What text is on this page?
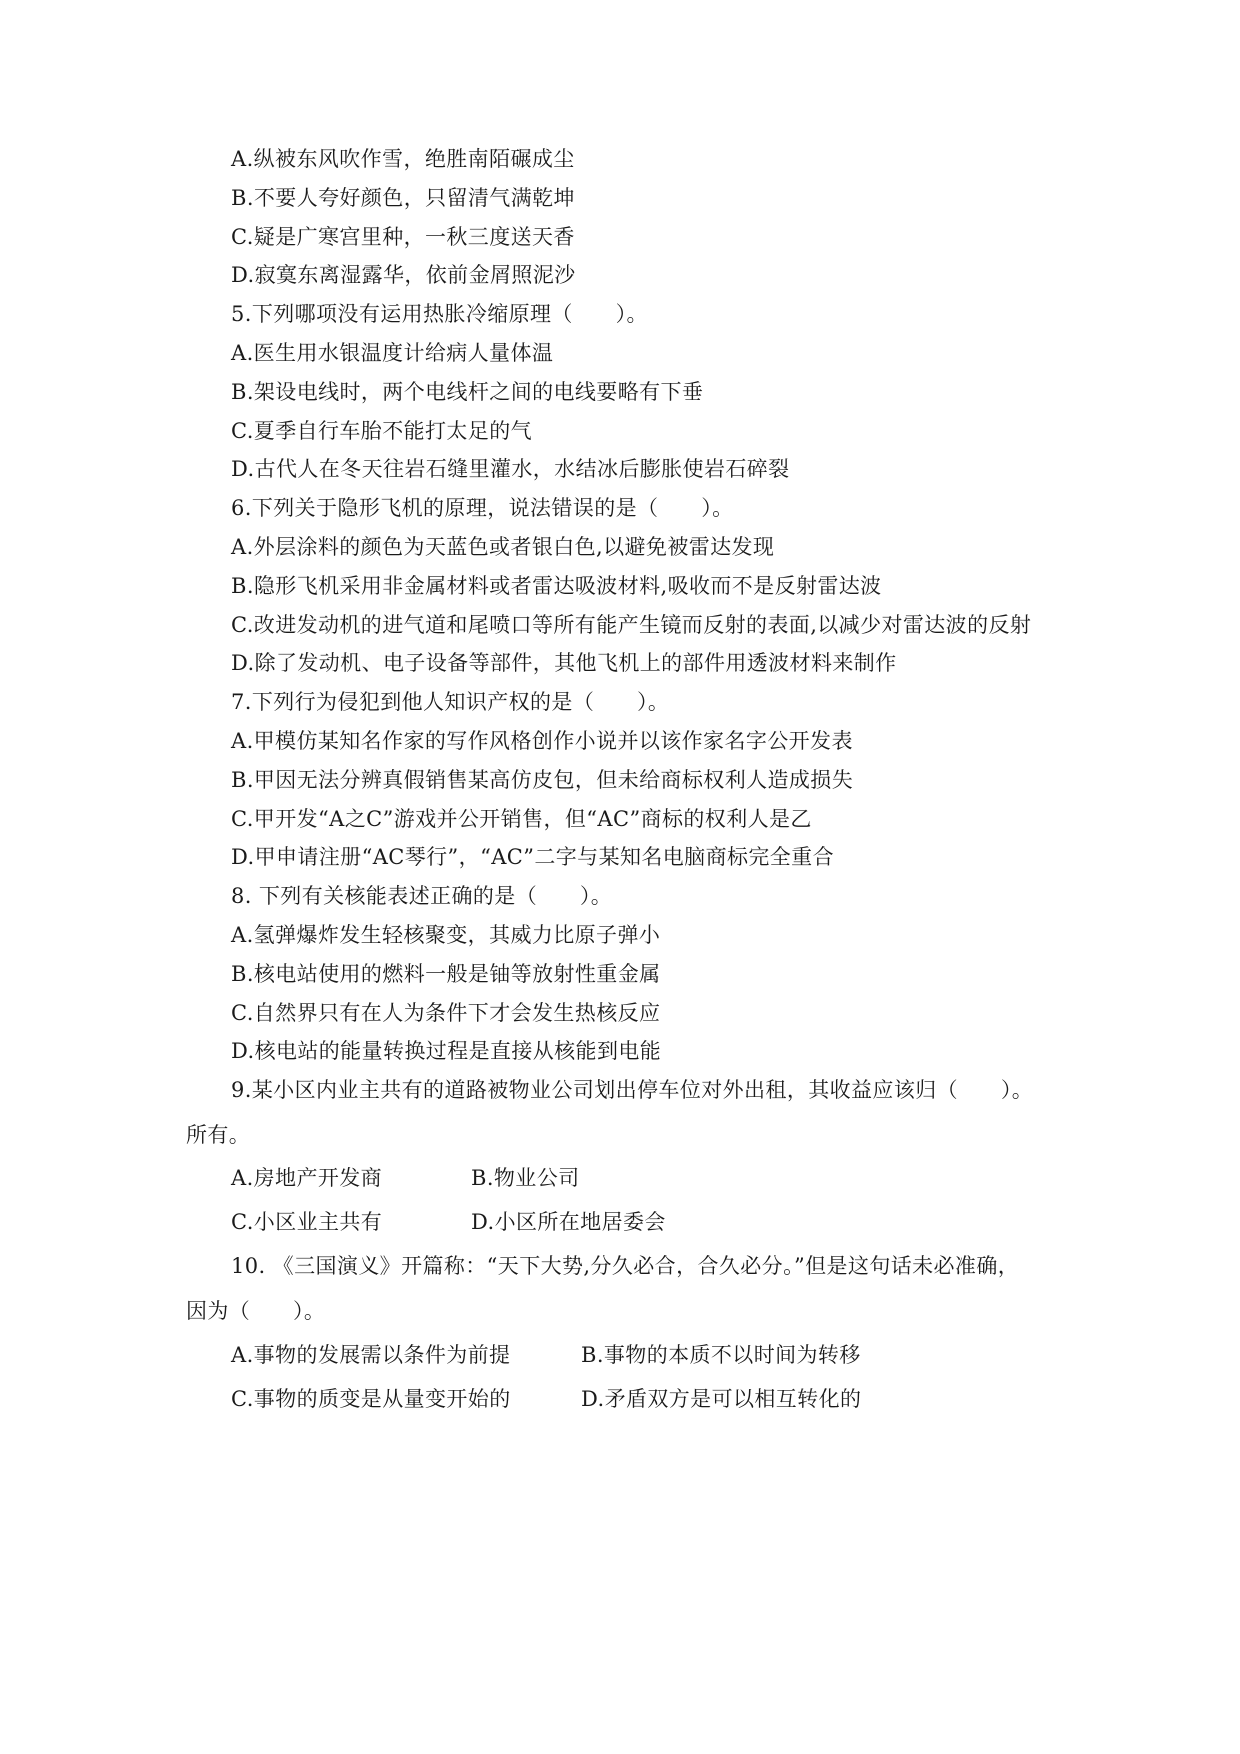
A.纵被东风吹作雪，绝胜南陌碾成尘
B.不要人夸好颜色，只留清气满乾坤
C.疑是广寒宫里种，一秋三度送天香
D.寂寞东离湿露华，依前金屑照泥沙
5.下列哪项没有运用热胀冷缩原理（　　）。
A.医生用水银温度计给病人量体温
B.架设电线时，两个电线杆之间的电线要略有下垂
C.夏季自行车胎不能打太足的气
D.古代人在冬天往岩石缝里灌水，水结冰后膨胀使岩石碎裂
6.下列关于隐形飞机的原理，说法错误的是（　　）。
A.外层涂料的颜色为天蓝色或者银白色,以避免被雷达发现
B.隐形飞机采用非金属材料或者雷达吸波材料,吸收而不是反射雷达波
C.改进发动机的进气道和尾喷口等所有能产生镜而反射的表面,以减少对雷达波的反射
D.除了发动机、电子设备等部件，其他飞机上的部件用透波材料来制作
7.下列行为侵犯到他人知识产权的是（　　）。
A.甲模仿某知名作家的写作风格创作小说并以该作家名字公开发表
B.甲因无法分辨真假销售某高仿皮包，但未给商标权利人造成损失
C.甲开发“A之C”游戏并公开销售，但“AC”商标的权利人是乙
D.甲申请注册“AC琴行”，“AC”二字与某知名电脑商标完全重合
8. 下列有关核能表述正确的是（　　）。
A.氢弹爆炸发生轻核聚变，其威力比原子弹小
B.核电站使用的燃料一般是铀等放射性重金属
C.自然界只有在人为条件下才会发生热核反应
D.核电站的能量转换过程是直接从核能到电能
9.某小区内业主共有的道路被物业公司划出停车位对外出租，其收益应该归（　　）。
所有。
A.房地产开发商	B.物业公司
C.小区业主共有	D.小区所在地居委会
10. 《三国演义》开篇称：“天下大势,分久必合，合久必分。”但是这句话未必准确，
因为（　　）。
A.事物的发展需以条件为前提	B.事物的本质不以时间为转移
C.事物的质变是从量变开始的	D.矛盾双方是可以相互转化的
